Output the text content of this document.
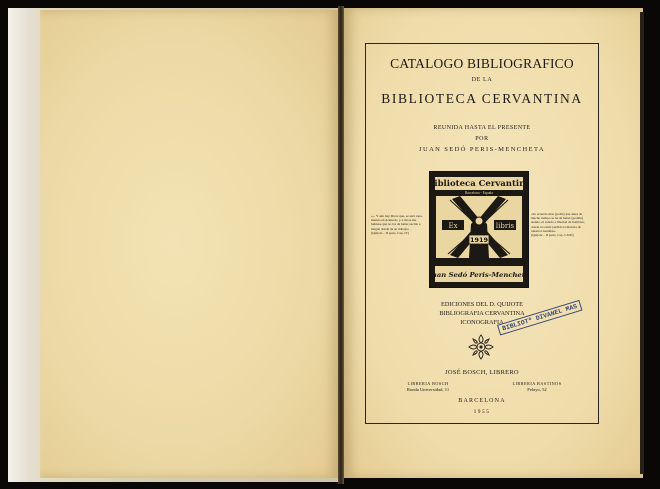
CATALOGO BIBLIOGRAFICO

DE LA

BIBLIOTECA CERVANTINA

REUNIDA HASTA EL PRESENTE

POR

JUAN SEDÓ PERIS-MENCHETA

«... Y aún hay libros que, se será topa-
miento en Ariaterio, y a mí se me
hubiese que no los da haber sacido a
lengua donde da su trabajo»
(Quijote – II parte, Cap. IV)

«Te acuerdo más (podía) que antes de
mucho tiempo se ha de haber (podido)
siendo, ni estado a libertad de hombres,
donde no estén perdido la historia de
nuestros hazañas»
(Quijote – II parte, Cap. LXXI)

Biblioteca Cervantina
Barcelona - España
Ex	libris
1919
Juan Sedó Peris-Mencheta

EDICIONES DEL D. QUIJOTE

BIBLIOGRAFIA CERVANTINA

ICONOGRAFIA

BIBLIOTª DIVANEL MAS

JOSÉ BOSCH, LIBRERO

LIBRERIA BOSCH
Ronda Universidad, 11

LIBRERIA BASTINOS
Pelayo, 52

BARCELONA

1955
